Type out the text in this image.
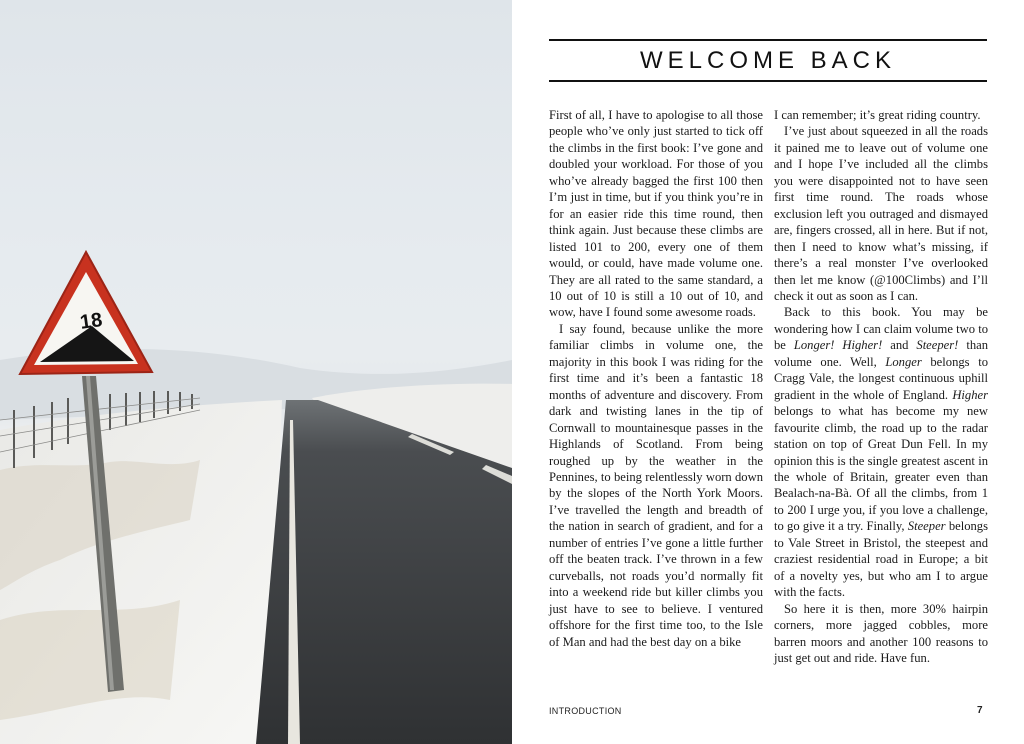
18
WELCOME BACK

First of all, I have to apologise to all those people who’ve only just started to tick off the climbs in the first book: I’ve gone and doubled your workload. For those of you who’ve already bagged the first 100 then I’m just in time, but if you think you’re in for an easier ride this time round, then think again. Just because these climbs are listed 101 to 200, every one of them would, or could, have made volume one. They are all rated to the same standard, a 10 out of 10 is still a 10 out of 10, and wow, have I found some awesome roads.

I say found, because unlike the more familiar climbs in volume one, the majority in this book I was riding for the first time and it’s been a fantastic 18 months of adventure and discovery. From dark and twisting lanes in the tip of Cornwall to mountainesque passes in the Highlands of Scotland. From being roughed up by the weather in the Pennines, to being relentlessly worn down by the slopes of the North York Moors. I’ve travelled the length and breadth of the nation in search of gradient, and for a number of entries I’ve gone a little further off the beaten track. I’ve thrown in a few curveballs, not roads you’d normally fit into a weekend ride but killer climbs you just have to see to believe. I ventured offshore for the first time too, to the Isle of Man and had the best day on a bike

I can remember; it’s great riding country.

I’ve just about squeezed in all the roads it pained me to leave out of volume one and I hope I’ve included all the climbs you were disappointed not to have seen first time round. The roads whose exclusion left you outraged and dismayed are, fingers crossed, all in here. But if not, then I need to know what’s missing, if there’s a real monster I’ve overlooked then let me know (@100Climbs) and I’ll check it out as soon as I can.

Back to this book. You may be wondering how I can claim volume two to be Longer! Higher! and Steeper! than volume one. Well, Longer belongs to Cragg Vale, the longest continuous uphill gradient in the whole of England. Higher belongs to what has become my new favourite climb, the road up to the radar station on top of Great Dun Fell. In my opinion this is the single greatest ascent in the whole of Britain, greater even than Bealach-na-Bà. Of all the climbs, from 1 to 200 I urge you, if you love a challenge, to go give it a try. Finally, Steeper belongs to Vale Street in Bristol, the steepest and craziest residential road in Europe; a bit of a novelty yes, but who am I to argue with the facts.

So here it is then, more 30% hairpin corners, more jagged cobbles, more barren moors and another 100 reasons to just get out and ride. Have fun.

INTRODUCTION	7
